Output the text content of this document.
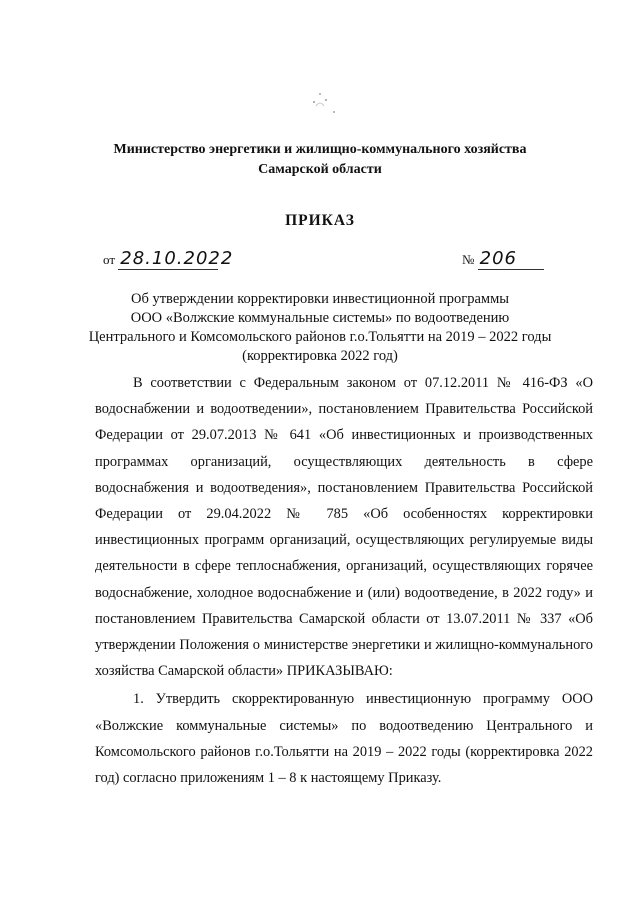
Министерство энергетики и жилищно-коммунального хозяйства
Самарской области
ПРИКАЗ
от 28.10.2022	№ 206
Об утверждении корректировки инвестиционной программы
ООО «Волжские коммунальные системы» по водоотведению
Центрального и Комсомольского районов г.о.Тольятти на 2019 – 2022 годы
(корректировка 2022 год)

В соответствии с Федеральным законом от 07.12.2011 № 416-ФЗ «О водоснабжении и водоотведении», постановлением Правительства Российской Федерации от 29.07.2013 № 641 «Об инвестиционных и производственных программах организаций, осуществляющих деятельность в сфере водоснабжения и водоотведения», постановлением Правительства Российской Федерации от 29.04.2022 № 785 «Об особенностях корректировки инвестиционных программ организаций, осуществляющих регулируемые виды деятельности в сфере теплоснабжения, организаций, осуществляющих горячее водоснабжение, холодное водоснабжение и (или) водоотведение, в 2022 году» и постановлением Правительства Самарской области от 13.07.2011 № 337 «Об утверждении Положения о министерстве энергетики и жилищно-коммунального хозяйства Самарской области» ПРИКАЗЫВАЮ:

1. Утвердить скорректированную инвестиционную программу ООО «Волжские коммунальные системы» по водоотведению Центрального и Комсомольского районов г.о.Тольятти на 2019 – 2022 годы (корректировка 2022 год) согласно приложениям 1 – 8 к настоящему Приказу.
